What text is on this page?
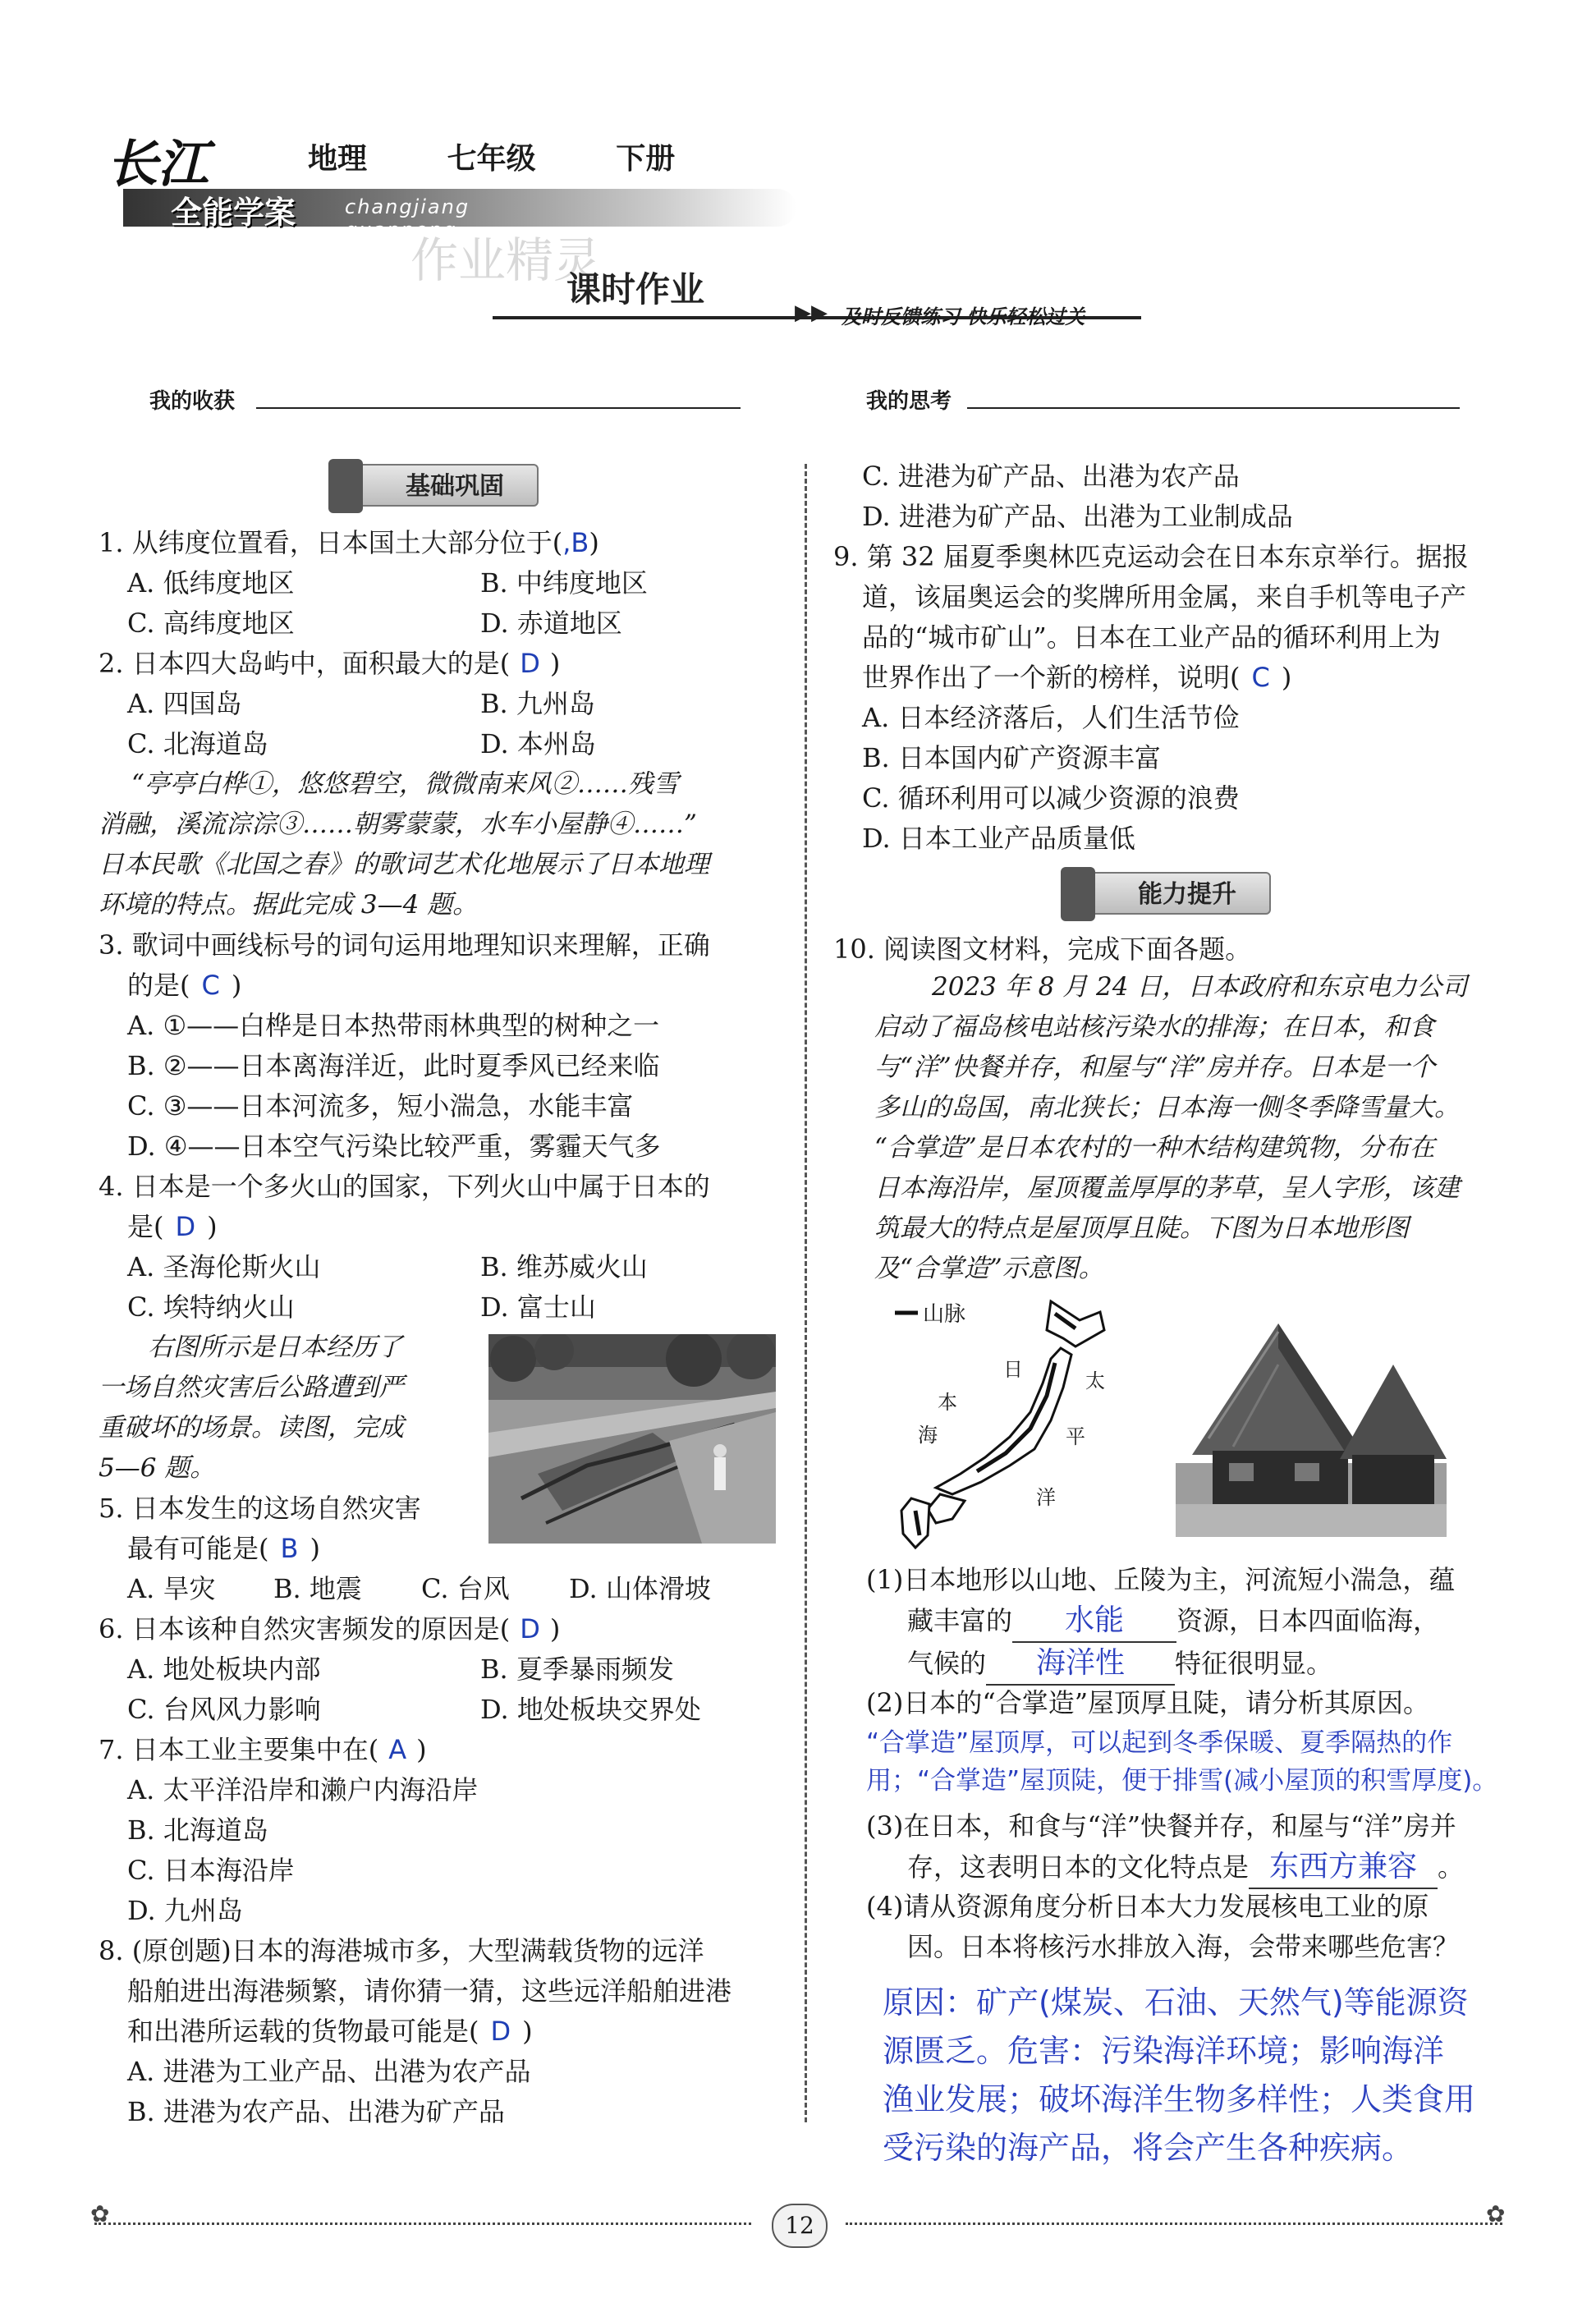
长江
全能学案 changjiang quanneng xuean
地理	七年级	下册
作业精灵
课时作业
▶▶ 及时反馈练习 快乐轻松过关
我的收获	我的思考
基础巩固
1. 从纬度位置看，日本国土大部分位于(,B)
A. 低纬度地区	B. 中纬度地区
C. 高纬度地区	D. 赤道地区
2. 日本四大岛屿中，面积最大的是( D )
A. 四国岛	B. 九州岛
C. 北海道岛	D. 本州岛
“亭亭白桦①，悠悠碧空，微微南来风②……残雪
消融，溪流淙淙③……朝雾蒙蒙，水车小屋静④……”
日本民歌《北国之春》的歌词艺术化地展示了日本地理
环境的特点。据此完成 3—4 题。
3. 歌词中画线标号的词句运用地理知识来理解，正确
的是( C )
A. ①——白桦是日本热带雨林典型的树种之一
B. ②——日本离海洋近，此时夏季风已经来临
C. ③——日本河流多，短小湍急，水能丰富
D. ④——日本空气污染比较严重，雾霾天气多
4. 日本是一个多火山的国家，下列火山中属于日本的
是( D )
A. 圣海伦斯火山	B. 维苏威火山
C. 埃特纳火山	D. 富士山
右图所示是日本经历了
一场自然灾害后公路遭到严
重破坏的场景。读图，完成
5—6 题。
5. 日本发生的这场自然灾害
最有可能是( B )
A. 旱灾 B. 地震 C. 台风 D. 山体滑坡
6. 日本该种自然灾害频发的原因是( D )
A. 地处板块内部	B. 夏季暴雨频发
C. 台风风力影响	D. 地处板块交界处
7. 日本工业主要集中在( A )
A. 太平洋沿岸和濑户内海沿岸
B. 北海道岛
C. 日本海沿岸
D. 九州岛
8. (原创题)日本的海港城市多，大型满载货物的远洋
船舶进出海港频繁，请你猜一猜，这些远洋船舶进港
和出港所运载的货物最可能是( D )
A. 进港为工业产品、出港为农产品
B. 进港为农产品、出港为矿产品
C. 进港为矿产品、出港为农产品
D. 进港为矿产品、出港为工业制成品
9. 第 32 届夏季奥林匹克运动会在日本东京举行。据报
道，该届奥运会的奖牌所用金属，来自手机等电子产
品的“城市矿山”。日本在工业产品的循环利用上为
世界作出了一个新的榜样，说明( C )
A. 日本经济落后，人们生活节俭
B. 日本国内矿产资源丰富
C. 循环利用可以减少资源的浪费
D. 日本工业产品质量低
能力提升
10. 阅读图文材料，完成下面各题。
2023 年 8 月 24 日，日本政府和东京电力公司
启动了福岛核电站核污染水的排海；在日本，和食
与“洋”快餐并存，和屋与“洋”房并存。日本是一个
多山的岛国，南北狭长；日本海一侧冬季降雪量大。
“合掌造”是日本农村的一种木结构建筑物，分布在
日本海沿岸，屋顶覆盖厚厚的茅草，呈人字形，该建
筑最大的特点是屋顶厚且陡。下图为日本地形图
及“合掌造”示意图。
山脉
日
本
海
太
平
洋
(1)日本地形以山地、丘陵为主，河流短小湍急，蕴
藏丰富的 水能 资源，日本四面临海，
气候的 海洋性 特征很明显。
(2)日本的“合掌造”屋顶厚且陡，请分析其原因。
“合掌造”屋顶厚，可以起到冬季保暖、夏季隔热的作
用；“合掌造”屋顶陡，便于排雪(减小屋顶的积雪厚度)。
(3)在日本，和食与“洋”快餐并存，和屋与“洋”房并
存，这表明日本的文化特点是 东西方兼容 。
(4)请从资源角度分析日本大力发展核电工业的原
因。日本将核污水排放入海，会带来哪些危害？
原因：矿产(煤炭、石油、天然气)等能源资
源匮乏。危害：污染海洋环境；影响海洋
渔业发展；破坏海洋生物多样性；人类食用
受污染的海产品，将会产生各种疾病。
✿	✿
12
